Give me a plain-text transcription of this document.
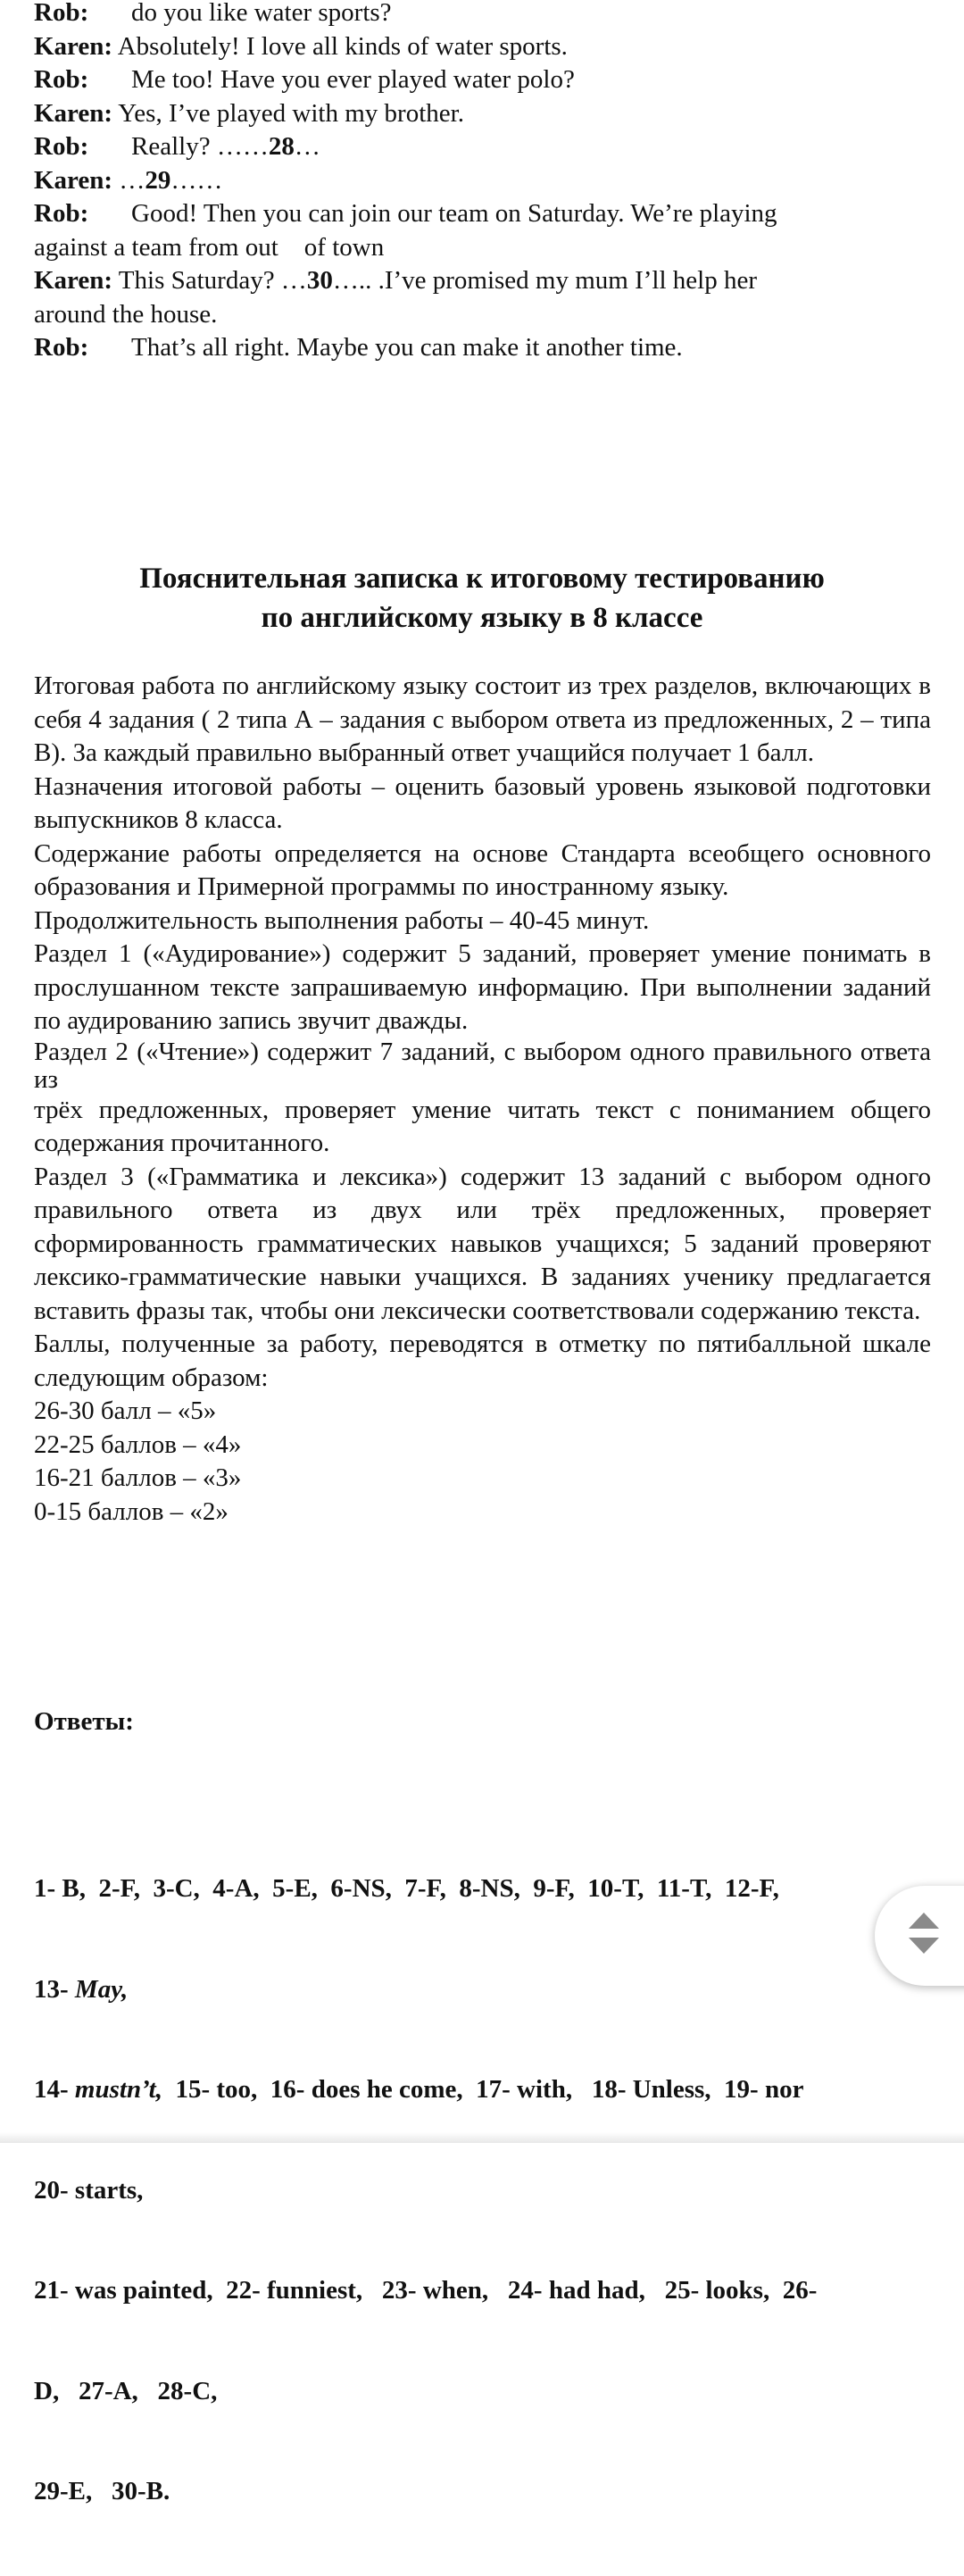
Rob: do you like water sports?
Karen: Absolutely! I love all kinds of water sports.
Rob: Me too! Have you ever played water polo?
Karen: Yes, I’ve played with my brother.
Rob: Really? ……28…
Karen: …29……
Rob: Good! Then you can join our team on Saturday. We’re playing
against a team from out    of town
Karen: This Saturday? …30….. .I’ve promised my mum I’ll help her
around the house.
Rob: That’s all right. Maybe you can make it another time.
Пояснительная записка к итоговому тестированию
по английскому языку в 8 классе

Итоговая работа по английскому языку состоит из трех разделов, включающих в себя 4 задания ( 2 типа А – задания с выбором ответа из предложенных, 2 – типа В). За каждый правильно выбранный ответ учащийся получает 1 балл.

Назначения итоговой работы – оценить базовый уровень языковой подготовки выпускников 8 класса.

Содержание работы определяется на основе Стандарта всеобщего основного образования и Примерной программы по иностранному языку.

Продолжительность выполнения работы – 40-45 минут.

Раздел 1 («Аудирование») содержит 5 заданий, проверяет умение понимать в прослушанном тексте запрашиваемую информацию. При выполнении заданий по аудированию запись звучит дважды.

Раздел 2 («Чтение») содержит 7 заданий, с выбором одного правильного ответа из

трёх предложенных, проверяет умение читать текст с пониманием общего содержания прочитанного.

Раздел 3 («Грамматика и лексика») содержит 13 заданий с выбором одного правильного ответа из двух или трёх предложенных, проверяет сформированность грамматических навыков учащихся; 5 заданий проверяют лексико-грамматические навыки учащихся. В заданиях ученику предлагается вставить фразы так, чтобы они лексически соответствовали содержанию текста.

Баллы, полученные за работу, переводятся в отметку по пятибалльной шкале следующим образом:

26-30 балл – «5»

22-25 баллов – «4»

16-21 баллов – «3»

0-15 баллов – «2»

Ответы:

1- B,  2-F,  3-C,  4-A,  5-E,  6-NS,  7-F,  8-NS,  9-F,  10-T,  11-T,  12-F,

13- May,

14- mustn’t,  15- too,  16- does he come,  17- with,   18- Unless,  19- nor

20- starts,

21- was painted,  22- funniest,   23- when,   24- had had,   25- looks,  26-

D,   27-A,   28-C,

29-E,   30-B.
